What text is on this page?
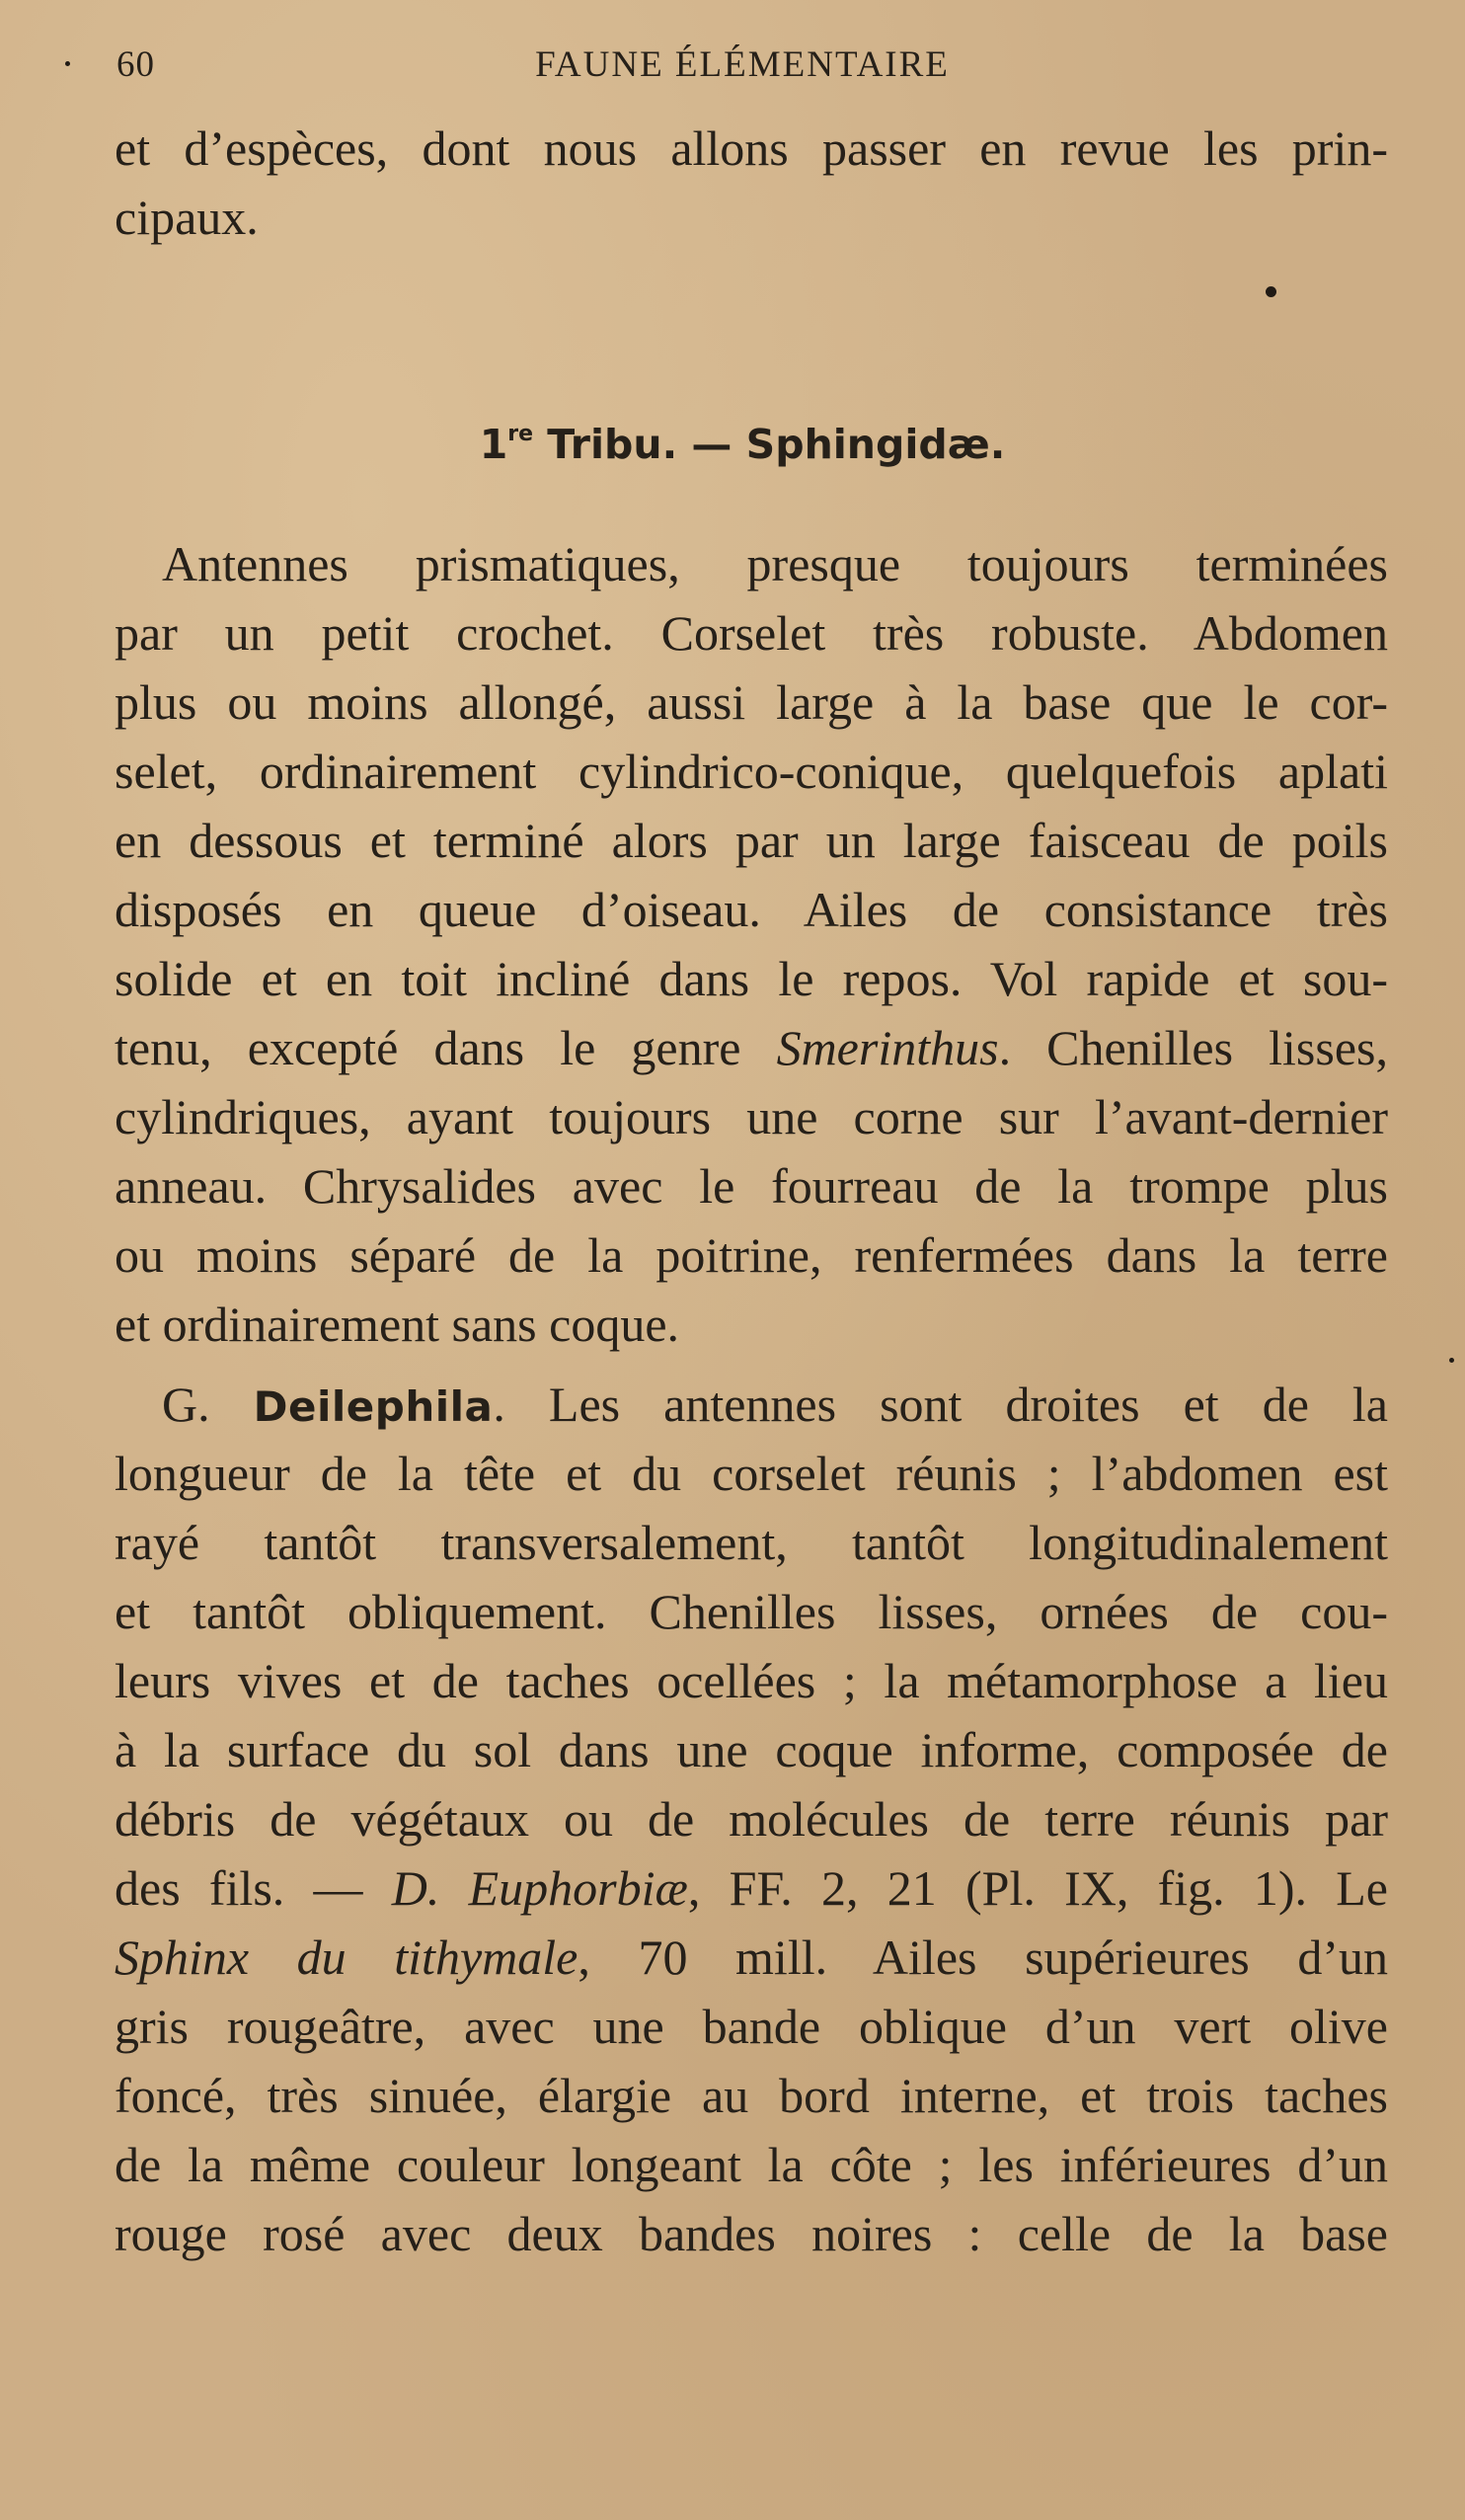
60	FAUNE ÉLÉMENTAIRE
et d’espèces, dont nous allons passer en revue les prin-
cipaux.
1re Tribu. — Sphingidæ.
Antennes prismatiques, presque toujours terminées
par un petit crochet. Corselet très robuste. Abdomen
plus ou moins allongé, aussi large à la base que le cor-
selet, ordinairement cylindrico-conique, quelquefois aplati
en dessous et terminé alors par un large faisceau de poils
disposés en queue d’oiseau. Ailes de consistance très
solide et en toit incliné dans le repos. Vol rapide et sou-
tenu, excepté dans le genre Smerinthus. Chenilles lisses,
cylindriques, ayant toujours une corne sur l’avant-dernier
anneau. Chrysalides avec le fourreau de la trompe plus
ou moins séparé de la poitrine, renfermées dans la terre
et ordinairement sans coque.
G. Deilephila. Les antennes sont droites et de la
longueur de la tête et du corselet réunis ; l’abdomen est
rayé tantôt transversalement, tantôt longitudinalement
et tantôt obliquement. Chenilles lisses, ornées de cou-
leurs vives et de taches ocellées ; la métamorphose a lieu
à la surface du sol dans une coque informe, composée de
débris de végétaux ou de molécules de terre réunis par
des fils. — D. Euphorbiæ, FF. 2, 21 (Pl. IX, fig. 1). Le
Sphinx du tithymale, 70 mill. Ailes supérieures d’un
gris rougeâtre, avec une bande oblique d’un vert olive
foncé, très sinuée, élargie au bord interne, et trois taches
de la même couleur longeant la côte ; les inférieures d’un
rouge rosé avec deux bandes noires : celle de la base
